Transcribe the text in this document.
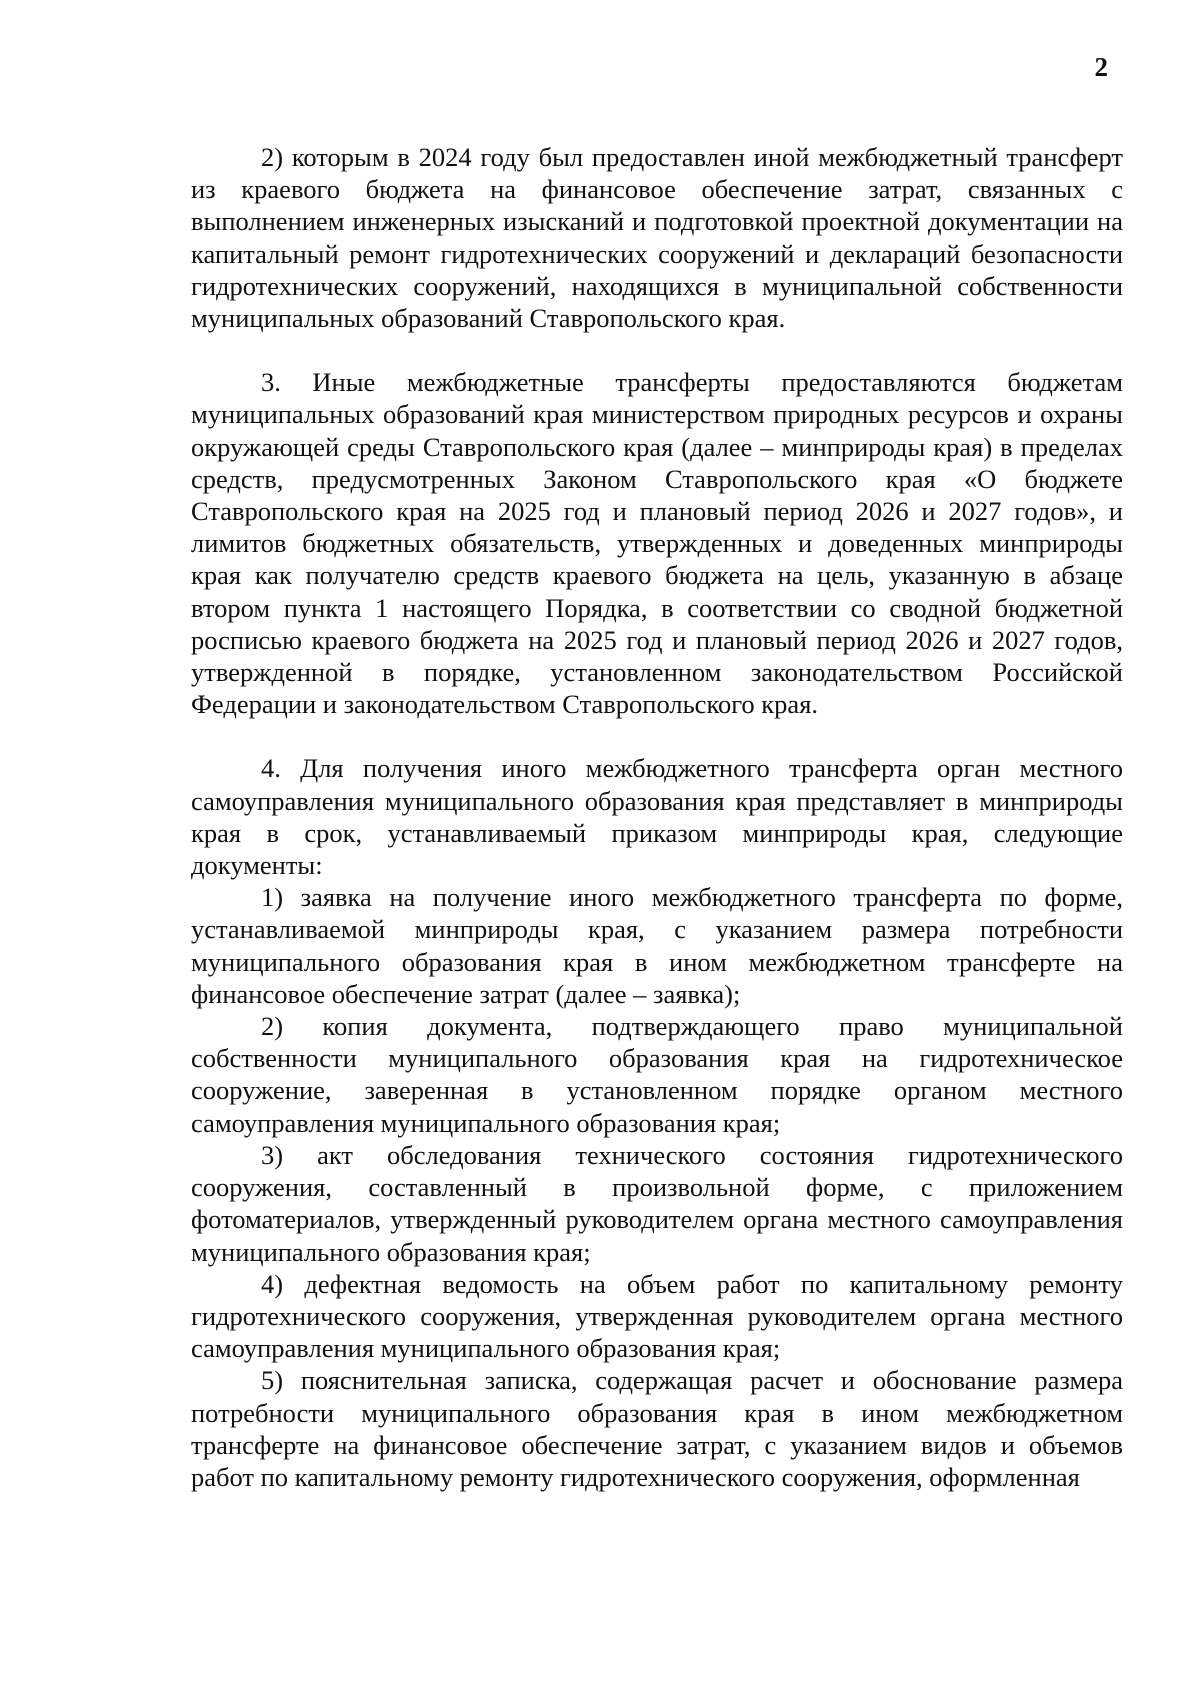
2

2) которым в 2024 году был предоставлен иной межбюджетный трансферт из краевого бюджета на финансовое обеспечение затрат, связанных с выполнением инженерных изысканий и подготовкой проектной документации на капитальный ремонт гидротехнических сооружений и деклараций безопасности гидротехнических сооружений, находящихся в муниципальной собственности муниципальных образований Ставропольского края.

3. Иные межбюджетные трансферты предоставляются бюджетам муниципальных образований края министерством природных ресурсов и охраны окружающей среды Ставропольского края (далее – минприроды края) в пределах средств, предусмотренных Законом Ставропольского края «О бюджете Ставропольского края на 2025 год и плановый период 2026 и 2027 годов», и лимитов бюджетных обязательств, утвержденных и доведенных минприроды края как получателю средств краевого бюджета на цель, указанную в абзаце втором пункта 1 настоящего Порядка, в соответствии со сводной бюджетной росписью краевого бюджета на 2025 год и плановый период 2026 и 2027 годов, утвержденной в порядке, установленном законодательством Российской Федерации и законодательством Ставропольского края.

4. Для получения иного межбюджетного трансферта орган местного самоуправления муниципального образования края представляет в минприроды края в срок, устанавливаемый приказом минприроды края, следующие документы:

1) заявка на получение иного межбюджетного трансферта по форме, устанавливаемой минприроды края, с указанием размера потребности муниципального образования края в ином межбюджетном трансферте на финансовое обеспечение затрат (далее – заявка);

2) копия документа, подтверждающего право муниципальной собственности муниципального образования края на гидротехническое сооружение, заверенная в установленном порядке органом местного самоуправления муниципального образования края;

3) акт обследования технического состояния гидротехнического сооружения, составленный в произвольной форме, с приложением фотоматериалов, утвержденный руководителем органа местного самоуправления муниципального образования края;

4) дефектная ведомость на объем работ по капитальному ремонту гидротехнического сооружения, утвержденная руководителем органа местного самоуправления муниципального образования края;

5) пояснительная записка, содержащая расчет и обоснование размера потребности муниципального образования края в ином межбюджетном трансферте на финансовое обеспечение затрат, с указанием видов и объемов работ по капитальному ремонту гидротехнического сооружения, оформленная
